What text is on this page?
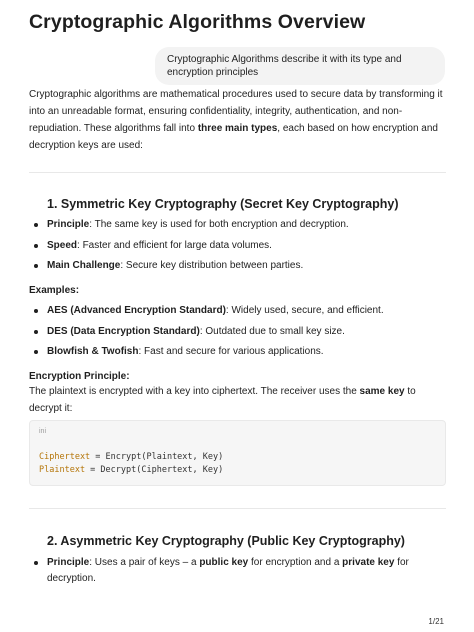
Cryptographic Algorithms Overview
Cryptographic Algorithms describe it with its type and encryption principles

Cryptographic algorithms are mathematical procedures used to secure data by transforming it into an unreadable format, ensuring confidentiality, integrity, authentication, and non-repudiation. These algorithms fall into three main types, each based on how encryption and decryption keys are used:

1. Symmetric Key Cryptography (Secret Key Cryptography)
Principle: The same key is used for both encryption and decryption.
Speed: Faster and efficient for large data volumes.
Main Challenge: Secure key distribution between parties.

Examples:

AES (Advanced Encryption Standard): Widely used, secure, and efficient.
DES (Data Encryption Standard): Outdated due to small key size.
Blowfish & Twofish: Fast and secure for various applications.

Encryption Principle:

The plaintext is encrypted with a key into ciphertext. The receiver uses the same key to decrypt it:

ini
Ciphertext = Encrypt(Plaintext, Key)
Plaintext = Decrypt(Ciphertext, Key)
2. Asymmetric Key Cryptography (Public Key Cryptography)
Principle: Uses a pair of keys – a public key for encryption and a private key for decryption.
1/21
